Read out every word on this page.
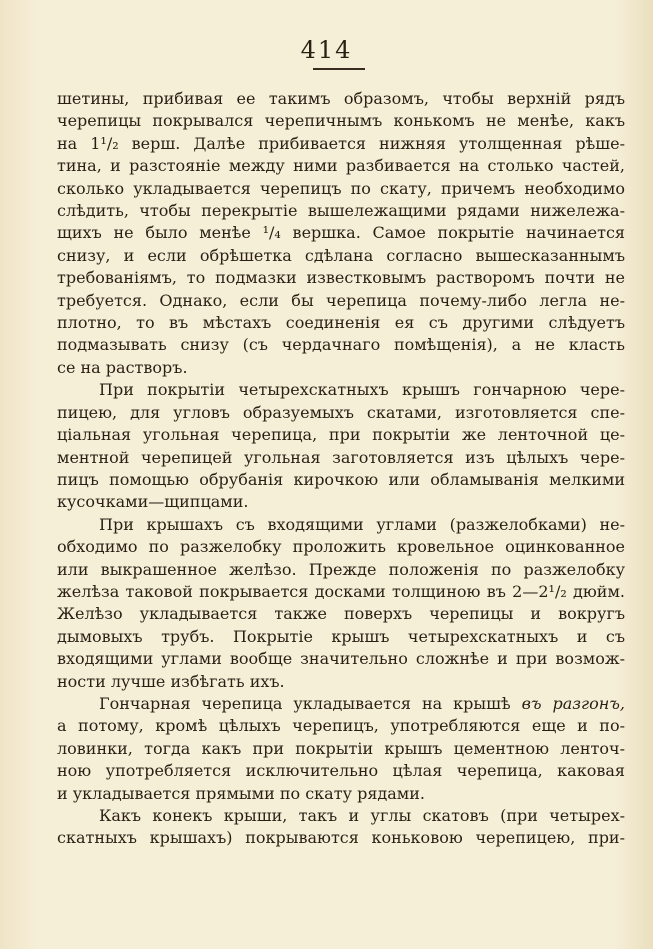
414

шетины, прибивая ее такимъ образомъ, чтобы верхній рядъ
черепицы покрывался черепичнымъ конькомъ не менѣе, какъ
на 1¹/₂ верш. Далѣе прибивается нижняя утолщенная рѣше-
тина, и разстояніе между ними разбивается на столько частей,
сколько укладывается черепицъ по скату, причемъ необходимо
слѣдить, чтобы перекрытіе вышележащими рядами нижележа-
щихъ не было менѣе ¹/₄ вершка. Самое покрытіе начинается
снизу, и если обрѣшетка сдѣлана согласно вышесказаннымъ
требованіямъ, то подмазки известковымъ растворомъ почти не
требуется. Однако, если бы черепица почему-либо легла не-
плотно, то въ мѣстахъ соединенія ея съ другими слѣдуетъ
подмазывать снизу (съ чердачнаго помѣщенія), а не класть
се на растворъ.

При покрытіи четырехскатныхъ крышъ гончарною чере-
пицею, для угловъ образуемыхъ скатами, изготовляется спе-
ціальная угольная черепица, при покрытіи же ленточной це-
ментной черепицей угольная заготовляется изъ цѣлыхъ чере-
пицъ помощью обрубанія кирочкою или обламыванія мелкими
кусочками—щипцами.

При крышахъ съ входящими углами (разжелобками) не-
обходимо по разжелобку проложить кровельное оцинкованное
или выкрашенное желѣзо. Прежде положенія по разжелобку
желѣза таковой покрывается досками толщиною въ 2—2¹/₂ дюйм.
Желѣзо укладывается также поверхъ черепицы и вокругъ
дымовыхъ трубъ. Покрытіе крышъ четырехскатныхъ и съ
входящими углами вообще значительно сложнѣе и при возмож-
ности лучше избѣгать ихъ.

Гончарная черепица укладывается на крышѣ въ разгонъ,
а потому, кромѣ цѣлыхъ черепицъ, употребляются еще и по-
ловинки, тогда какъ при покрытіи крышъ цементною ленточ-
ною употребляется исключительно цѣлая черепица, каковая
и укладывается прямыми по скату рядами.

Какъ конекъ крыши, такъ и углы скатовъ (при четырех-
скатныхъ крышахъ) покрываются коньковою черепицею, при-
